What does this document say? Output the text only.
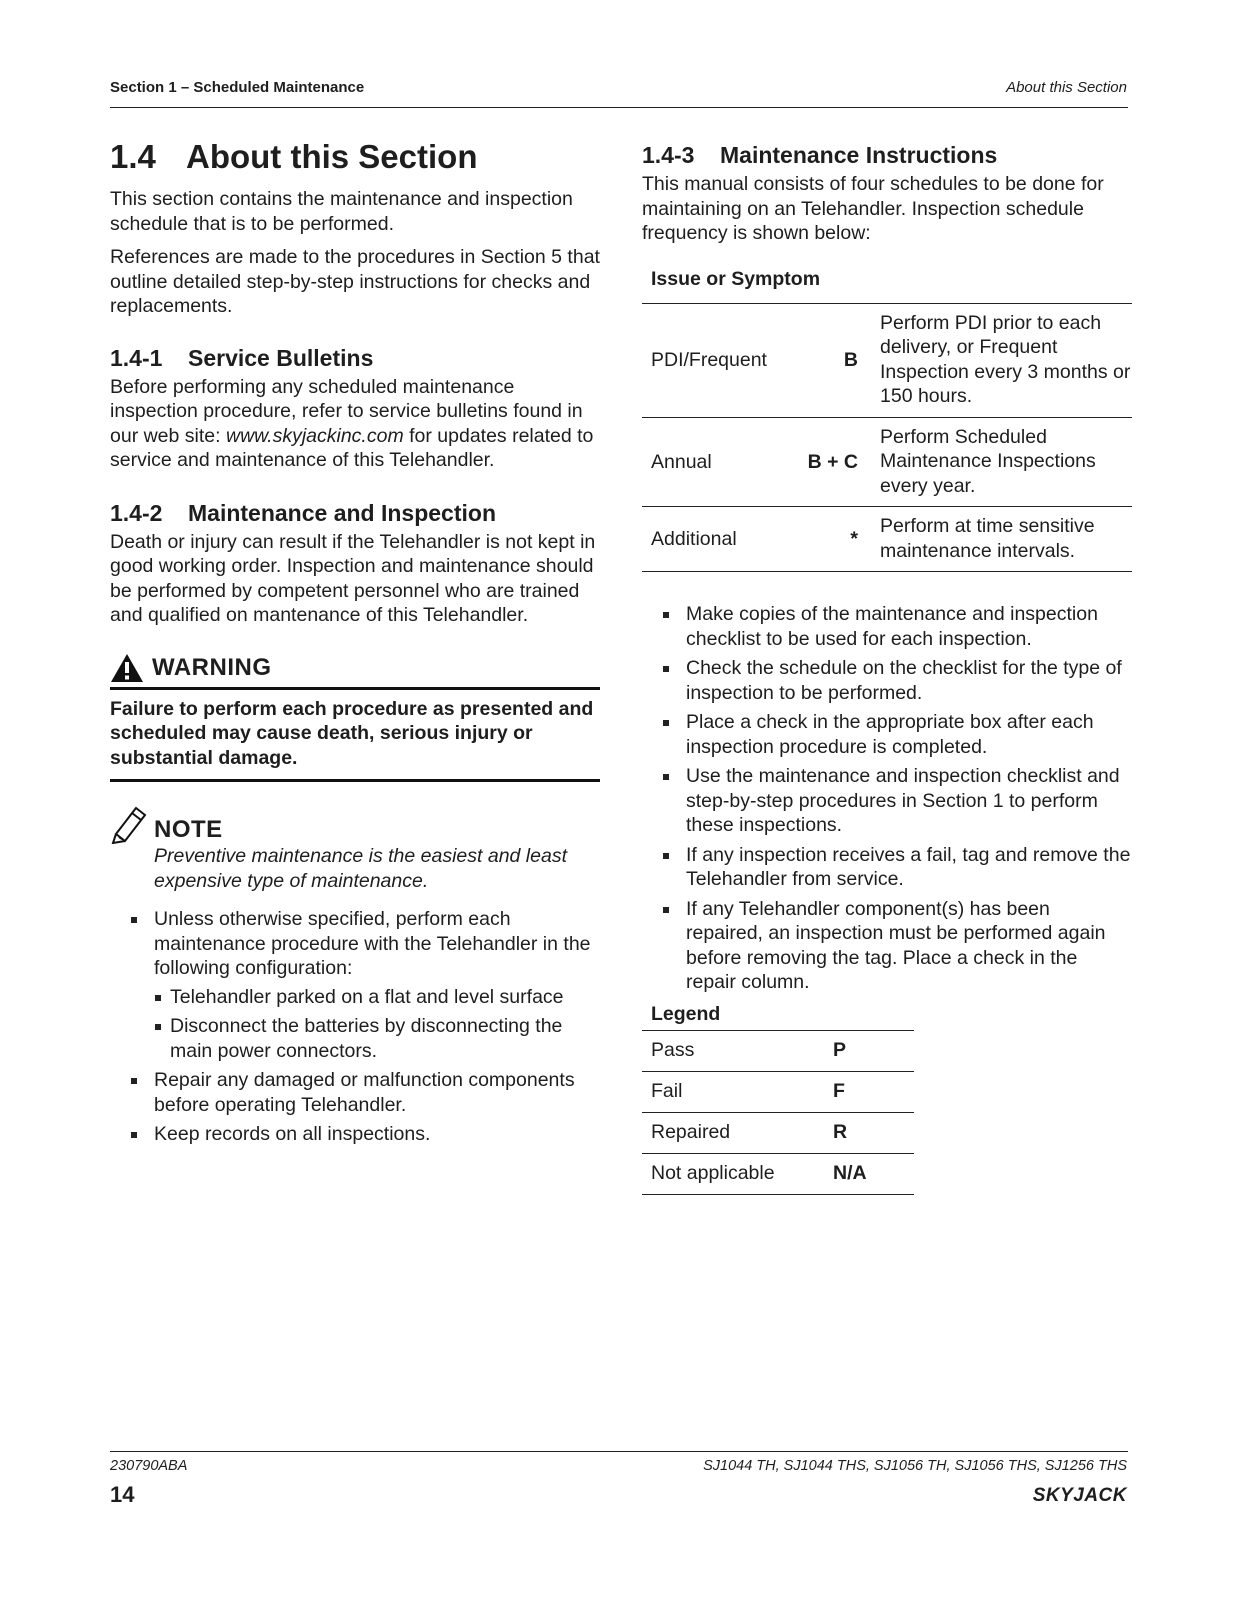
Section 1 – Scheduled Maintenance	About this Section
1.4 About this Section

This section contains the maintenance and inspection schedule that is to be performed.

References are made to the procedures in Section 5 that outline detailed step-by-step instructions for checks and replacements.

1.4-1 Service Bulletins

Before performing any scheduled maintenance inspection procedure, refer to service bulletins found in our web site: www.skyjackinc.com for updates related to service and maintenance of this Telehandler.

1.4-2 Maintenance and Inspection

Death or injury can result if the Telehandler is not kept in good working order. Inspection and maintenance should be performed by competent personnel who are trained and qualified on mantenance of this Telehandler.

WARNING
Failure to perform each procedure as presented and scheduled may cause death, serious injury or substantial damage.
NOTE

Preventive maintenance is the easiest and least expensive type of maintenance.

Unless otherwise specified, perform each maintenance procedure with the Telehandler in the following configuration:
Telehandler parked on a flat and level surface
Disconnect the batteries by disconnecting the main power connectors.
Repair any damaged or malfunction components before operating Telehandler.
Keep records on all inspections.
1.4-3 Maintenance Instructions

This manual consists of four schedules to be done for maintaining on an Telehandler. Inspection schedule frequency is shown below:

Issue or Symptom		
PDI/Frequent	B	Perform PDI prior to each delivery, or Frequent Inspection every 3 months or 150 hours.
Annual	B + C	Perform Scheduled Maintenance Inspections every year.
Additional	*	Perform at time sensitive maintenance intervals.
Make copies of the maintenance and inspection checklist to be used for each inspection.
Check the schedule on the checklist for the type of inspection to be performed.
Place a check in the appropriate box after each inspection procedure is completed.
Use the maintenance and inspection checklist and step-by-step procedures in Section 1 to perform these inspections.
If any inspection receives a fail, tag and remove the Telehandler from service.
If any Telehandler component(s) has been repaired, an inspection must be performed again before removing the tag. Place a check in the repair column.
Legend
Pass	P
Fail	F
Repaired	R
Not applicable	N/A
230790ABA	SJ1044 TH, SJ1044 THS, SJ1056 TH, SJ1056 THS, SJ1256 THS
14	SKYJACK
